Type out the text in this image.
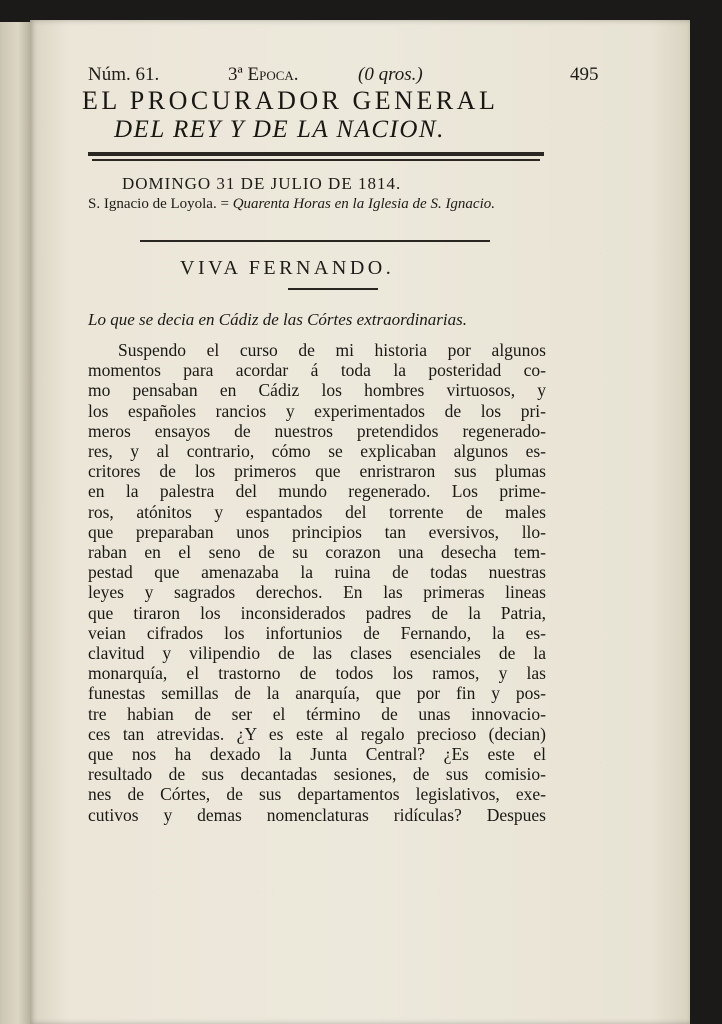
Núm. 61.	3ª Epoca.	(0 qros.)	495
EL PROCURADOR GENERAL
DEL REY Y DE LA NACION.
DOMINGO 31 DE JULIO DE 1814.
S. Ignacio de Loyola. = Quarenta Horas en la Iglesia de S. Ignacio.
VIVA FERNANDO.
Lo que se decia en Cádiz de las Córtes extraordinarias.
Suspendo el curso de mi historia por algunos
momentos para acordar á toda la posteridad co-
mo pensaban en Cádiz los hombres virtuosos, y
los españoles rancios y experimentados de los pri-
meros ensayos de nuestros pretendidos regenerado-
res, y al contrario, cómo se explicaban algunos es-
critores de los primeros que enristraron sus plumas
en la palestra del mundo regenerado. Los prime-
ros, atónitos y espantados del torrente de males
que preparaban unos principios tan eversivos, llo-
raban en el seno de su corazon una desecha tem-
pestad que amenazaba la ruina de todas nuestras
leyes y sagrados derechos. En las primeras lineas
que tiraron los inconsiderados padres de la Patria,
veian cifrados los infortunios de Fernando, la es-
clavitud y vilipendio de las clases esenciales de la
monarquía, el trastorno de todos los ramos, y las
funestas semillas de la anarquía, que por fin y pos-
tre habian de ser el término de unas innovacio-
ces tan atrevidas. ¿Y es este al regalo precioso (decian)
que nos ha dexado la Junta Central? ¿Es este el
resultado de sus decantadas sesiones, de sus comisio-
nes de Córtes, de sus departamentos legislativos, exe-
cutivos y demas nomenclaturas ridículas? Despues
